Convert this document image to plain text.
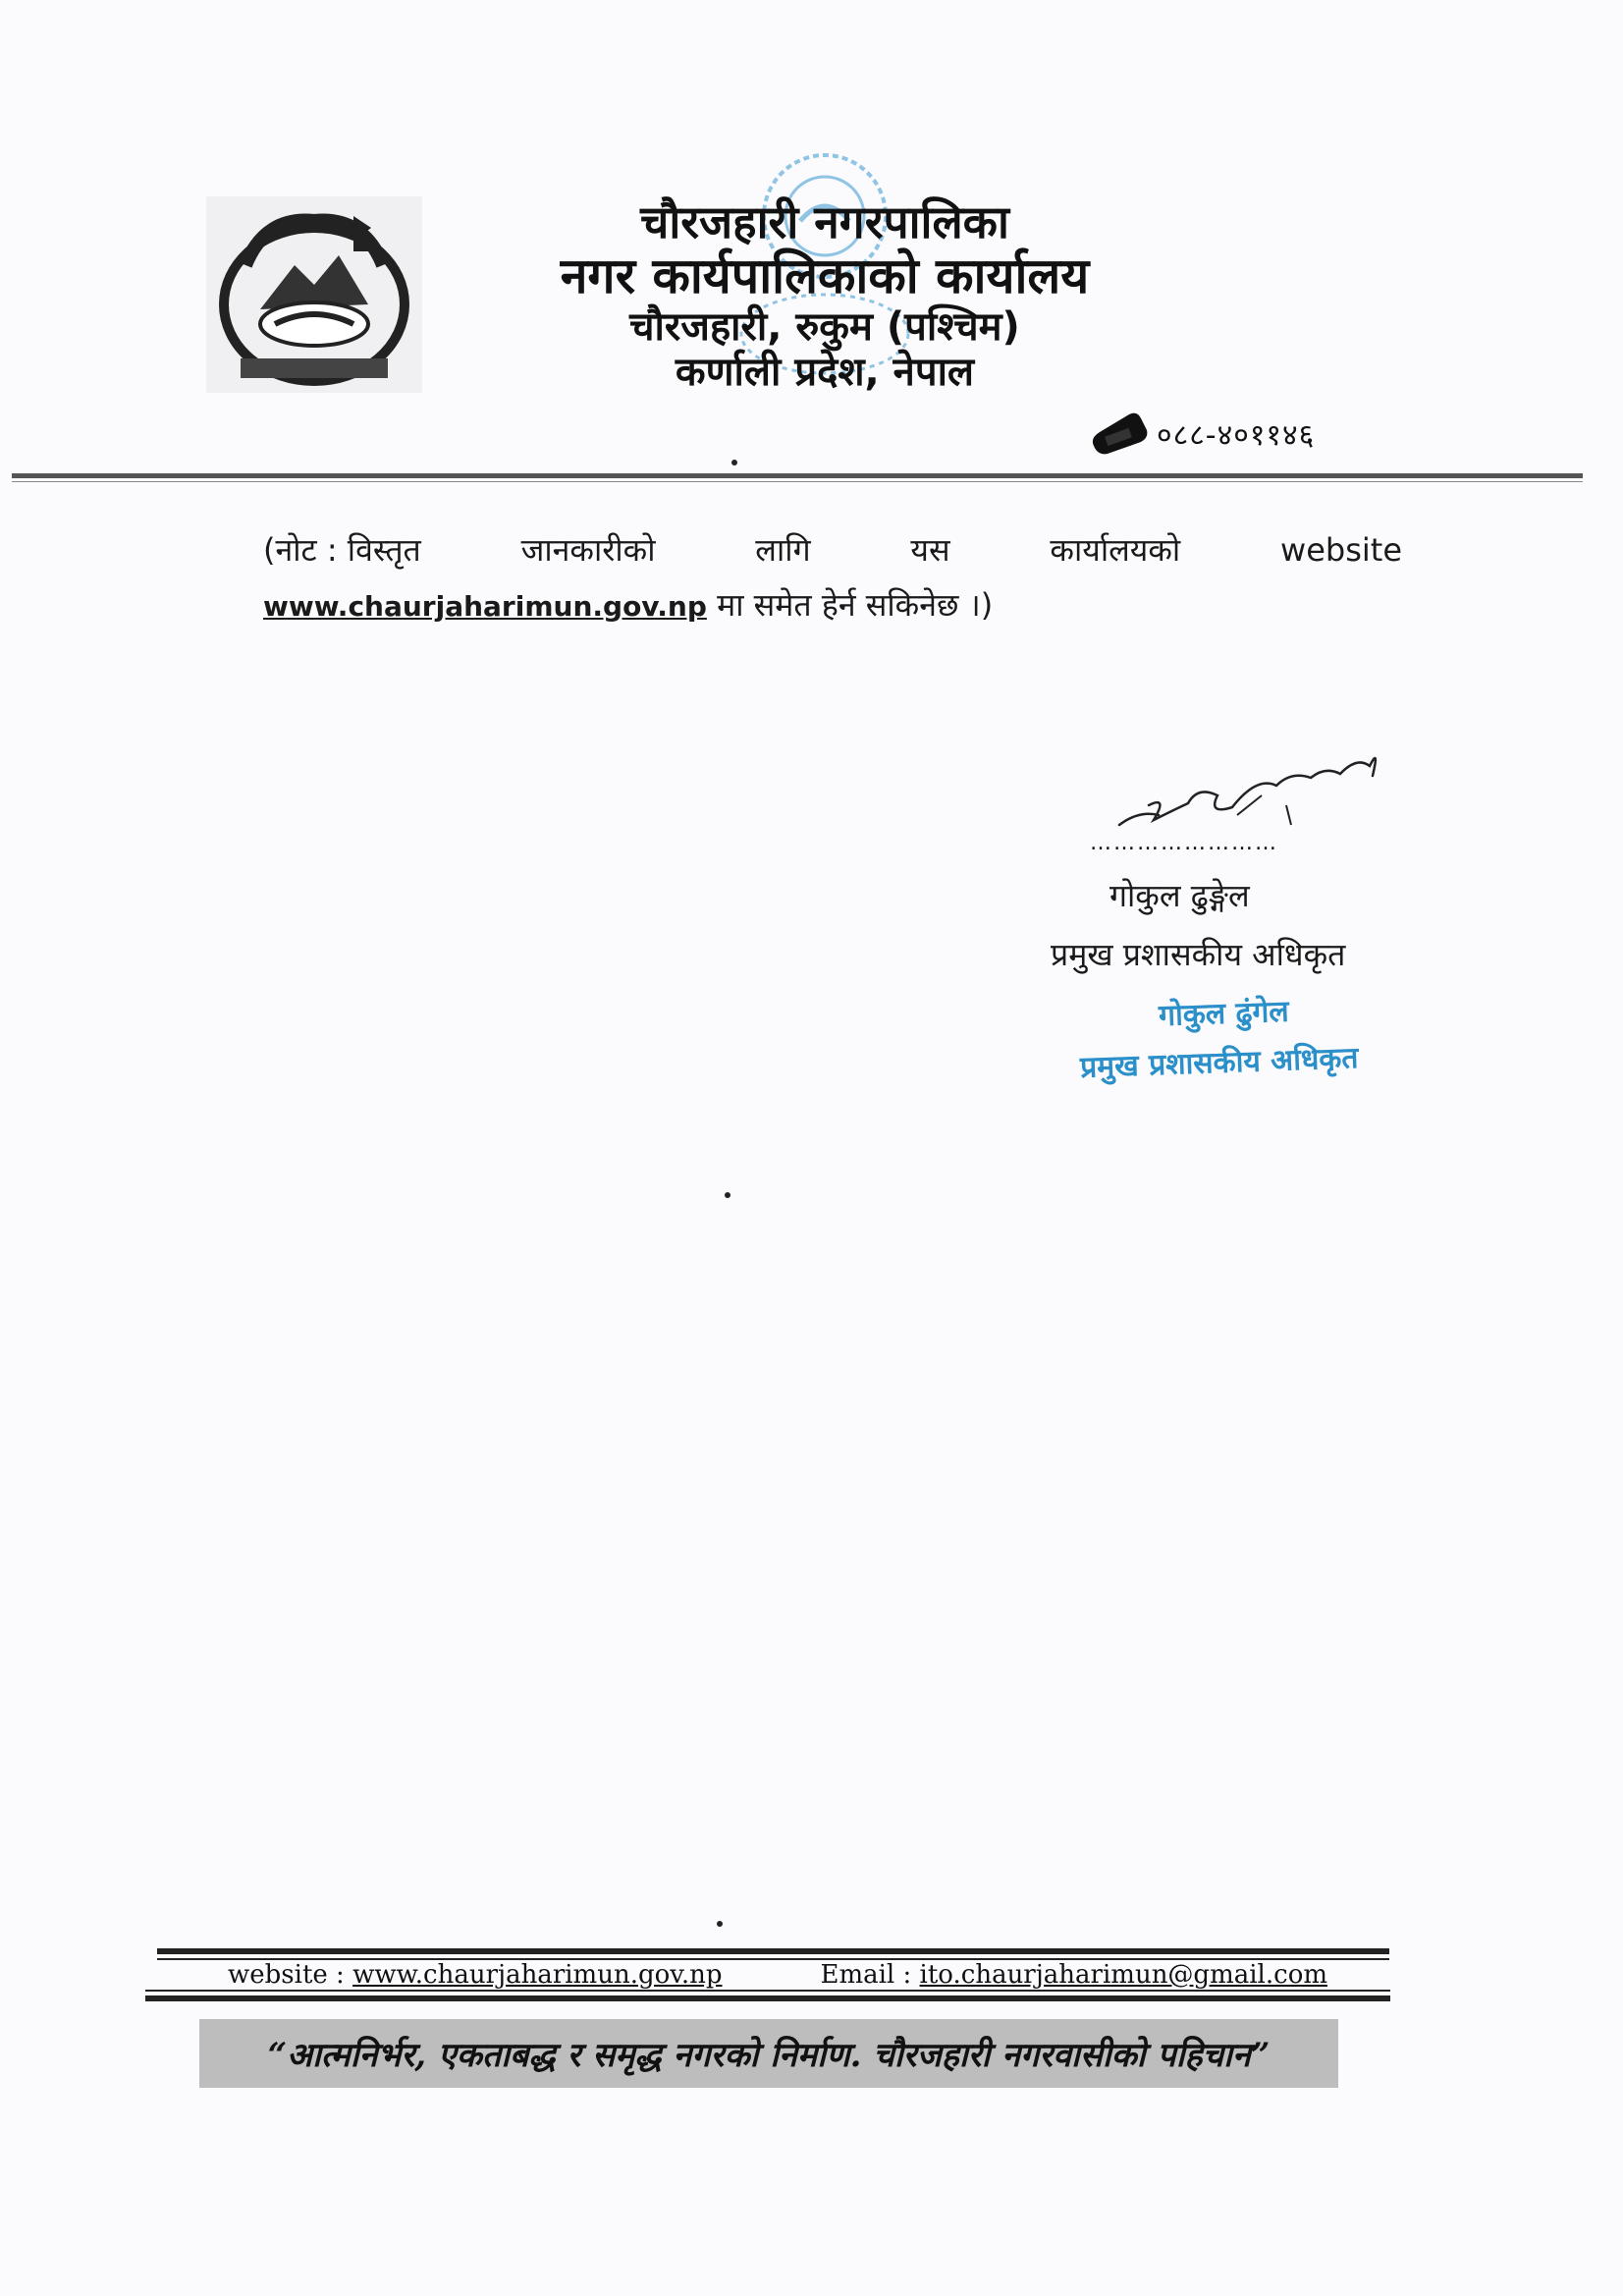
चौरजहारी नगरपालिका
नगर कार्यपालिकाको कार्यालय
चौरजहारी, रुकुम (पश्चिम)
कर्णाली प्रदेश, नेपाल
०८८-४०११४६
(नोट : विस्तृत	जानकारीको	लागि	यस	कार्यालयको	website
www.chaurjaharimun.gov.np मा समेत हेर्न सकिनेछ ।)
……………………
गोकुल ढुङ्गेल
प्रमुख प्रशासकीय अधिकृत
गोकुल ढुंगेल
प्रमुख प्रशासकीय अधिकृत
website : www.chaurjaharimun.gov.np	Email : ito.chaurjaharimun@gmail.com
“आत्मनिर्भर, एकताबद्ध र समृद्ध नगरको निर्माण. चौरजहारी नगरवासीको पहिचान”
